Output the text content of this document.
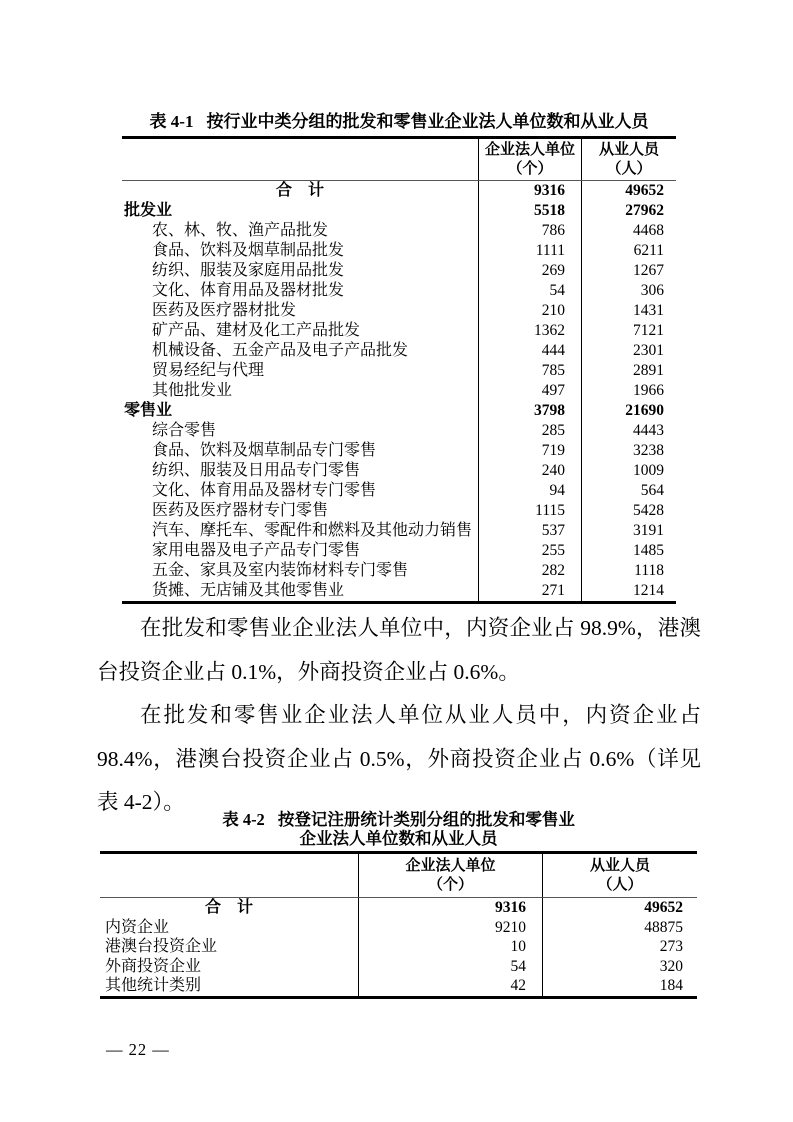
表 4-1 按行业中类分组的批发和零售业企业法人单位数和从业人员
企业法人单位
（个）
从业人员
（人）
合　计	9316	49652
批发业	5518	27962
农、林、牧、渔产品批发	786	4468
食品、饮料及烟草制品批发	1111	6211
纺织、服装及家庭用品批发	269	1267
文化、体育用品及器材批发	54	306
医药及医疗器材批发	210	1431
矿产品、建材及化工产品批发	1362	7121
机械设备、五金产品及电子产品批发	444	2301
贸易经纪与代理	785	2891
其他批发业	497	1966
零售业	3798	21690
综合零售	285	4443
食品、饮料及烟草制品专门零售	719	3238
纺织、服装及日用品专门零售	240	1009
文化、体育用品及器材专门零售	94	564
医药及医疗器材专门零售	1115	5428
汽车、摩托车、零配件和燃料及其他动力销售	537	3191
家用电器及电子产品专门零售	255	1485
五金、家具及室内装饰材料专门零售	282	1118
货摊、无店铺及其他零售业	271	1214

在批发和零售业企业法人单位中，内资企业占 98.9%，港澳台投资企业占 0.1%，外商投资企业占 0.6%。

在批发和零售业企业法人单位从业人员中，内资企业占 98.4%，港澳台投资企业占 0.5%，外商投资企业占 0.6%（详见表 4-2）。

表 4-2 按登记注册统计类别分组的批发和零售业
企业法人单位数和从业人员
企业法人单位
（个）
从业人员
（人）
合　计	9316	49652
内资企业	9210	48875
港澳台投资企业	10	273
外商投资企业	54	320
其他统计类别	42	184
— 22 —
